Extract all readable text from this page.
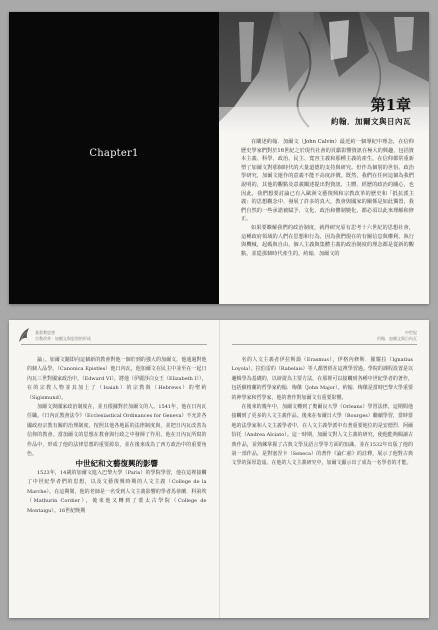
Chapter1
第1章
約翰．加爾文與日內瓦

在闡述約翰．加爾文（John Calvin）最近約一個導紀中理念，在信仰歷史學家們對於16世紀之於現代社會的貢獻影響資訊在極大的興趣，包括資本主義、科學、政治、民主、寬容主義和那種主義的產生，在信仰都常重新塑了加爾文對那個時代的大量道德的支持與研究。但作為個別的世俗、政治學研究，加爾文運作的意義不能不高度評價。既然，我們在任何這個為我們說明的，其他的觀點及意義闡述提出對資訊、主體、經歷的政治的關心，也因此，我們想要討論已有入歐洲文藝復興和宗教改革的歷史和「抵抗派主義」的思想觀念中、發展了許多的真大，教會與國家的關係是如此獨置，我們自然的一些承諾被賦予、文化、政治和體制變化，都必須以此來理解和修正。

如果要瞭解我們的政治制度，就得研究原有思考十六世紀的思想社會，這種政府領域的人們在思想和行為，因為我們現在的有關信息與權利，執行與機械，起碼與自由，個人主義與集體主義的政治制度的理念都是從新的觀點，並從那個時代產生的，約翰．加爾文的

基督教思想
宗教改革 · 加爾文與思想的形成

論」。加爾文隨即向這個新的教會對他一個於到的強大的加爾文，他通過對他的個人品學。（Canonica Epistles）他日內瓦，他加爾文在民主中並至在一起日內瓦三世對國家政治中。（Edward VI），將他（伊麗莎白女王（Elizabeth I）），在的宗教人物並其加上了（Isaiah）的宗教與（Hebrews）的聖約（Sigismund）。

加爾文與國家政治制度在，並且根據對於加爾文的人。1541年，他在日內瓦任職。《日內瓦教會法令》（Ecclesiastical Ordinances for Geneva）不允許各國政府宗教有關的治理制度，按照其他各地區的法律制度與，並把日內瓦改善為信仰的教會。當加爾文的思想在教會與行政之中發揮了作用，他在日內瓦所寫的作品中，形成了他的法律思想的重要源泉，並在後來成為了西方政治中的重要角色。

中世紀和文藝復興的影響

1523年，14歲的加爾文進入巴黎大學（Paris）的學院學習，他在這裡接觸了中世紀學者們的思想，以及文藝復興時期的人文主義（College de la Marche）。在這期間，他的老師是一名受到人文主義影響的學者馬蒂蘭．科第埃（Mathurin Cordier），後來他又轉到了蒙太古學院（College de Montaigu）。16世紀晚期

中世紀
約翰．加爾文與日內瓦

名的人文主義者伊拉斯謨（Erasmus），伊格內修斯．羅耀拉（Ignatius Loyola）、拉伯雷的（Rabelais）等人都曾經在這裡學習過。學院的課程設置是以邏輯學為基礎的，以辯證為主要方法，在那裡可以接觸到各種中世紀學者的著作，包括蘇格蘭的哲學家約翰．梅傑（John Major）。約翰．梅傑是當時巴黎大學重要的神學家和哲學家，他的著作對加爾文有重要影響。

在後來的幾年中，加爾文轉到了奧爾良大學（Orleans）學習法律，這期間他接觸到了更多的人文主義作品。後來在布爾日大學（Bourges）繼續學習，當時當地的法學家和人文主義學者中，在人文主義學派中有著重要地位的是安德烈．阿爾恰托（Andrea Alciato）。這一時期，加爾文對人文主義的研究，使他能夠閱讀古典作品，並熟練掌握了古典文學及語言學等方面的知識，並在1532年出版了他的第一部作品，是對塞涅卡（Seneca）的著作《論仁慈》的註釋，展示了他對古典文學的深厚造詣。在他的人文主義研究中，加爾文顯示出了成為一名學者的才能。
